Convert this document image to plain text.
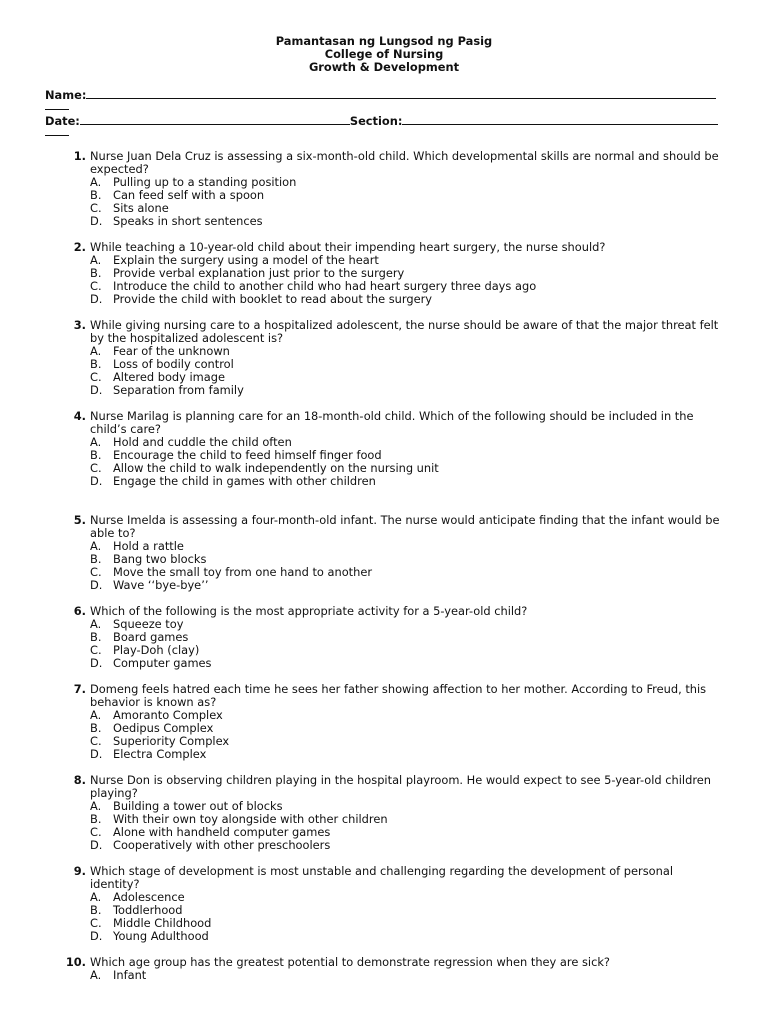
Pamantasan ng Lungsod ng Pasig
College of Nursing
Growth & Development
Name:
Date:	Section:
1. Nurse Juan Dela Cruz is assessing a six-month-old child. Which developmental skills are normal and should be expected?
A. Pulling up to a standing position
B. Can feed self with a spoon
C. Sits alone
D. Speaks in short sentences
2. While teaching a 10-year-old child about their impending heart surgery, the nurse should?
A. Explain the surgery using a model of the heart
B. Provide verbal explanation just prior to the surgery
C. Introduce the child to another child who had heart surgery three days ago
D. Provide the child with booklet to read about the surgery
3. While giving nursing care to a hospitalized adolescent, the nurse should be aware of that the major threat felt by the hospitalized adolescent is?
A. Fear of the unknown
B. Loss of bodily control
C. Altered body image
D. Separation from family
4. Nurse Marilag is planning care for an 18-month-old child. Which of the following should be included in the child’s care?
A. Hold and cuddle the child often
B. Encourage the child to feed himself finger food
C. Allow the child to walk independently on the nursing unit
D. Engage the child in games with other children
5. Nurse Imelda is assessing a four-month-old infant. The nurse would anticipate finding that the infant would be able to?
A. Hold a rattle
B. Bang two blocks
C. Move the small toy from one hand to another
D. Wave ‘‘bye-bye’’
6. Which of the following is the most appropriate activity for a 5-year-old child?
A. Squeeze toy
B. Board games
C. Play-Doh (clay)
D. Computer games
7. Domeng feels hatred each time he sees her father showing affection to her mother. According to Freud, this behavior is known as?
A. Amoranto Complex
B. Oedipus Complex
C. Superiority Complex
D. Electra Complex
8. Nurse Don is observing children playing in the hospital playroom. He would expect to see 5-year-old children playing?
A. Building a tower out of blocks
B. With their own toy alongside with other children
C. Alone with handheld computer games
D. Cooperatively with other preschoolers
9. Which stage of development is most unstable and challenging regarding the development of personal identity?
A. Adolescence
B. Toddlerhood
C. Middle Childhood
D. Young Adulthood
10. Which age group has the greatest potential to demonstrate regression when they are sick?
A. Infant
